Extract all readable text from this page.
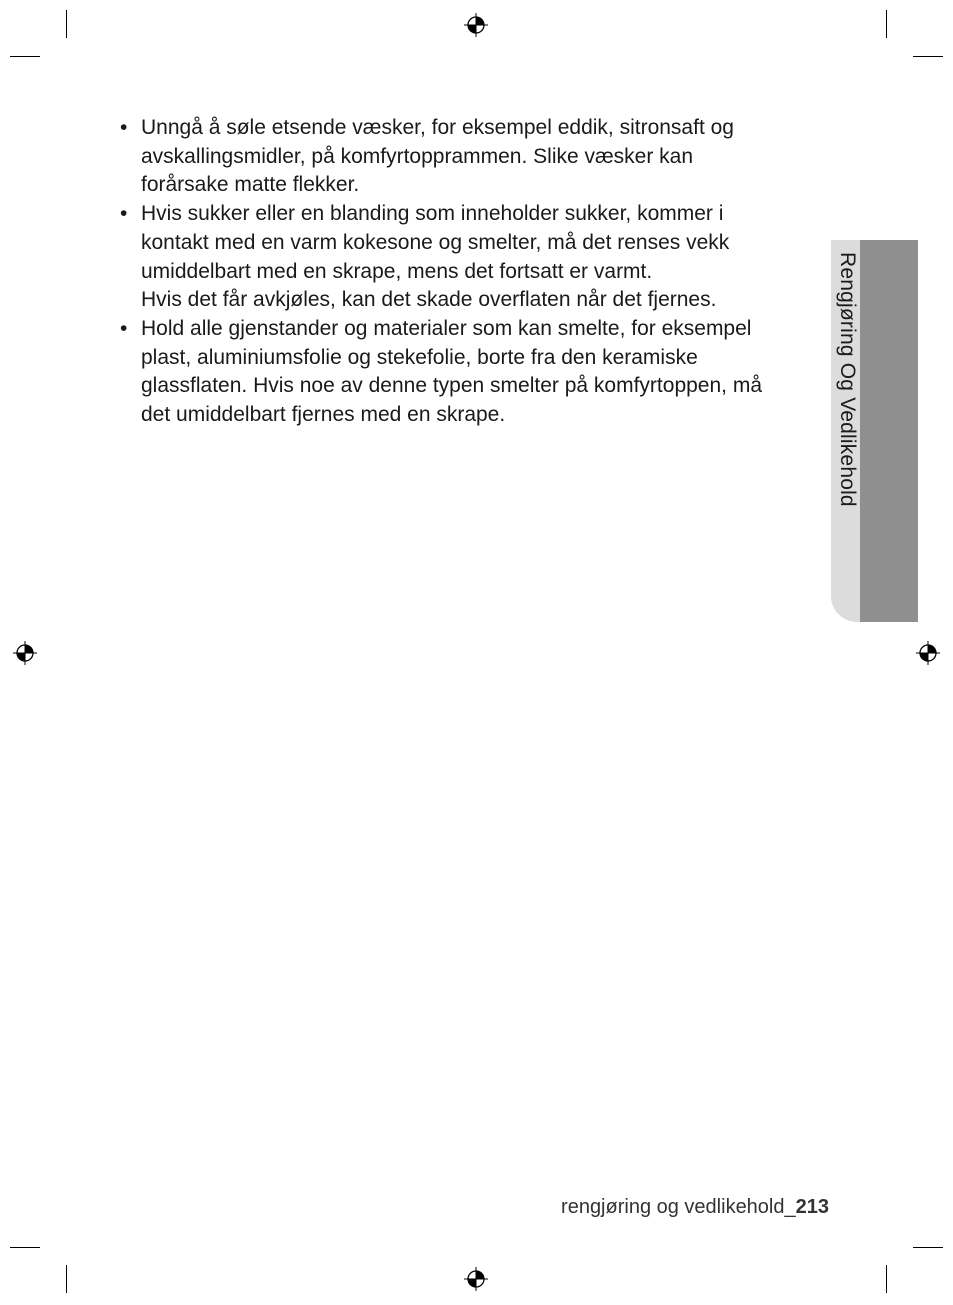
• Unngå å søle etsende væsker, for eksempel eddik, sitronsaft og
avskallingsmidler, på komfyrtopprammen. Slike væsker kan
forårsake matte flekker.
• Hvis sukker eller en blanding som inneholder sukker, kommer i
kontakt med en varm kokesone og smelter, må det renses vekk
umiddelbart med en skrape, mens det fortsatt er varmt.
Hvis det får avkjøles, kan det skade overflaten når det fjernes.
• Hold alle gjenstander og materialer som kan smelte, for eksempel
plast, aluminiumsfolie og stekefolie, borte fra den keramiske
glassflaten. Hvis noe av denne typen smelter på komfyrtoppen, må
det umiddelbart fjernes med en skrape.	Rengjøring Og Vedlikehold
rengjøring og vedlikehold_213
